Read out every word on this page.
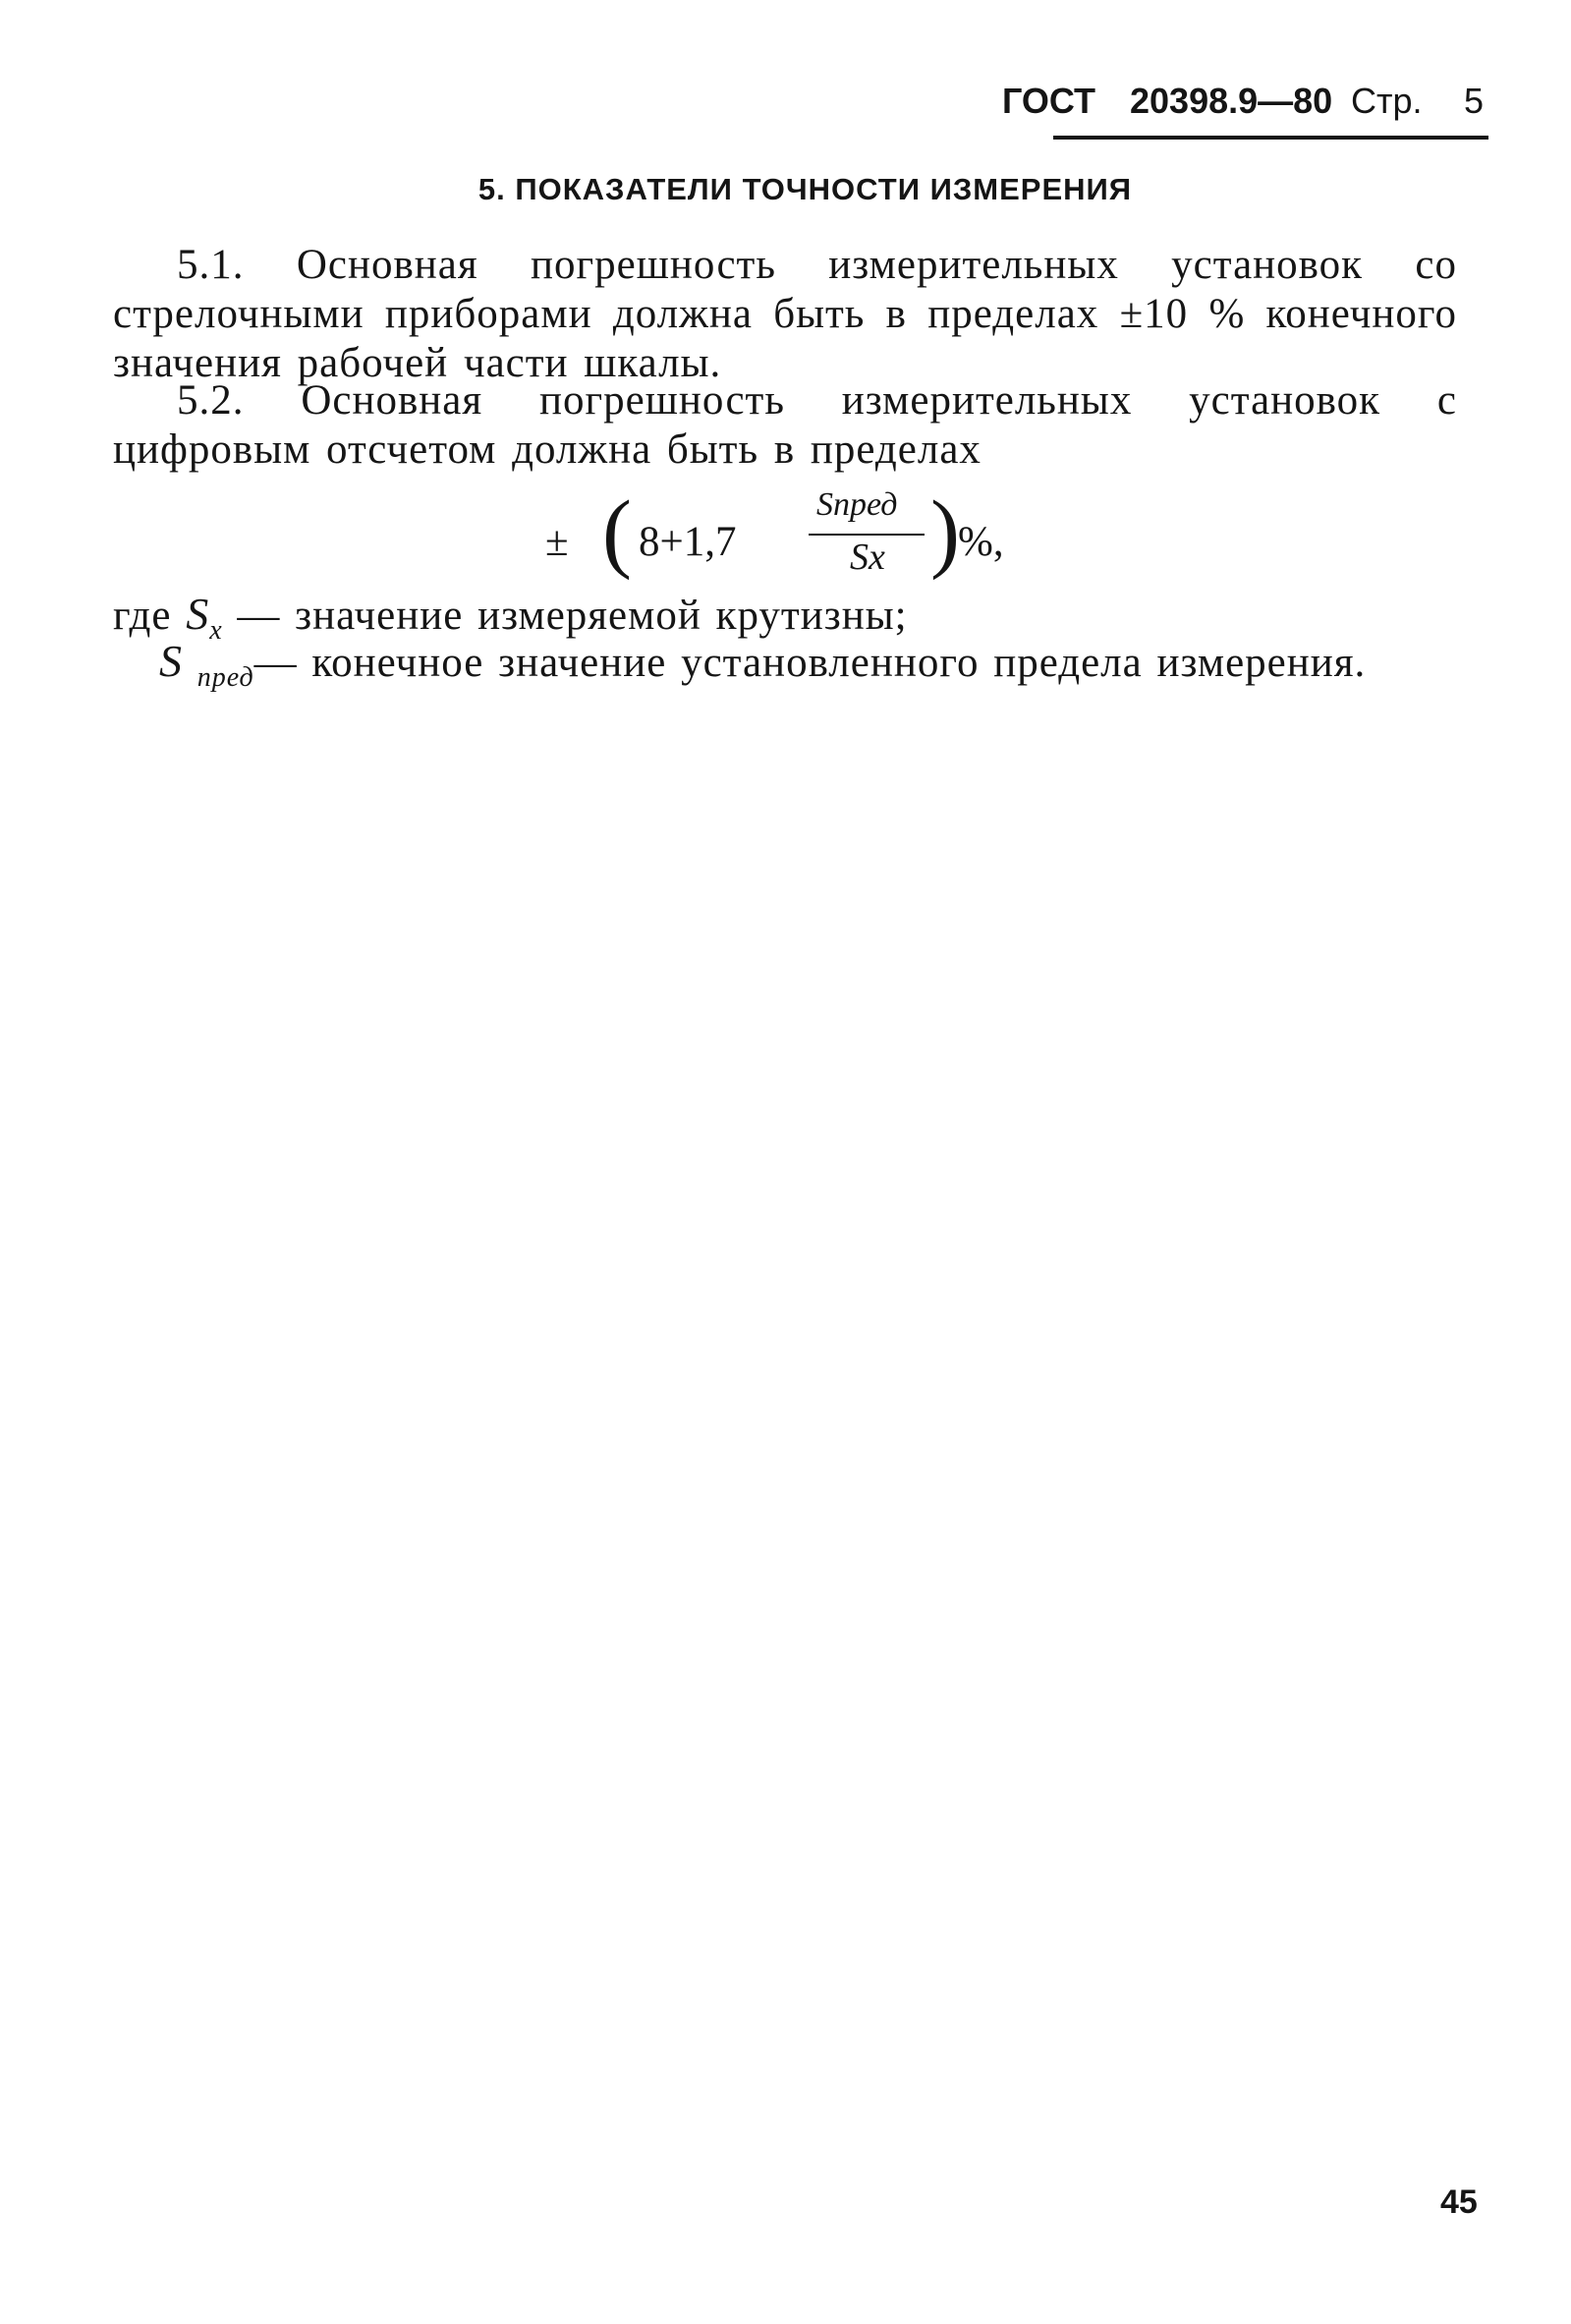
ГОСТ 20398.9—80 Стр. 5
5. ПОКАЗАТЕЛИ ТОЧНОСТИ ИЗМЕРЕНИЯ
5.1. Основная погрешность измерительных установок со стрелочными приборами должна быть в пределах ±10 % конечного значения рабочей части шкалы.
5.2. Основная погрешность измерительных установок с цифровым отсчетом должна быть в пределах
± ( 8+1,7
Sпред
Sx )
%,
где $S_x$ — значение измеряемой крутизны;
S $_{пред}$— конечное значение установленного предела измерения.
45
